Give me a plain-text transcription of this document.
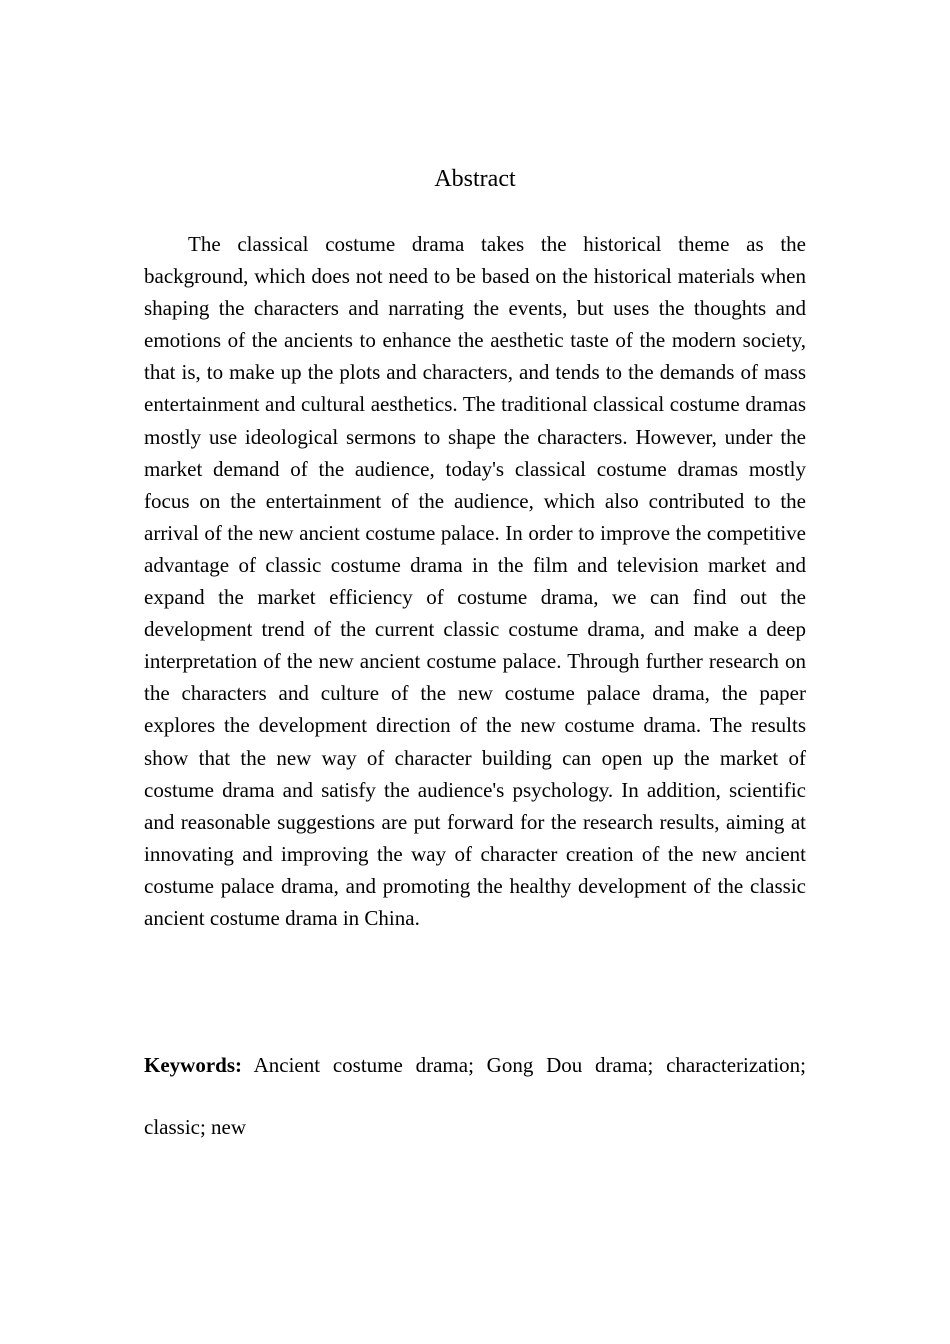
Abstract

The classical costume drama takes the historical theme as the background, which does not need to be based on the historical materials when shaping the characters and narrating the events, but uses the thoughts and emotions of the ancients to enhance the aesthetic taste of the modern society, that is, to make up the plots and characters, and tends to the demands of mass entertainment and cultural aesthetics. The traditional classical costume dramas mostly use ideological sermons to shape the characters. However, under the market demand of the audience, today's classical costume dramas mostly focus on the entertainment of the audience, which also contributed to the arrival of the new ancient costume palace. In order to improve the competitive advantage of classic costume drama in the film and television market and expand the market efficiency of costume drama, we can find out the development trend of the current classic costume drama, and make a deep interpretation of the new ancient costume palace. Through further research on the characters and culture of the new costume palace drama, the paper explores the development direction of the new costume drama. The results show that the new way of character building can open up the market of costume drama and satisfy the audience's psychology. In addition, scientific and reasonable suggestions are put forward for the research results, aiming at innovating and improving the way of character creation of the new ancient costume palace drama, and promoting the healthy development of the classic ancient costume drama in China.

Keywords: Ancient costume drama; Gong Dou drama; characterization; classic; new
